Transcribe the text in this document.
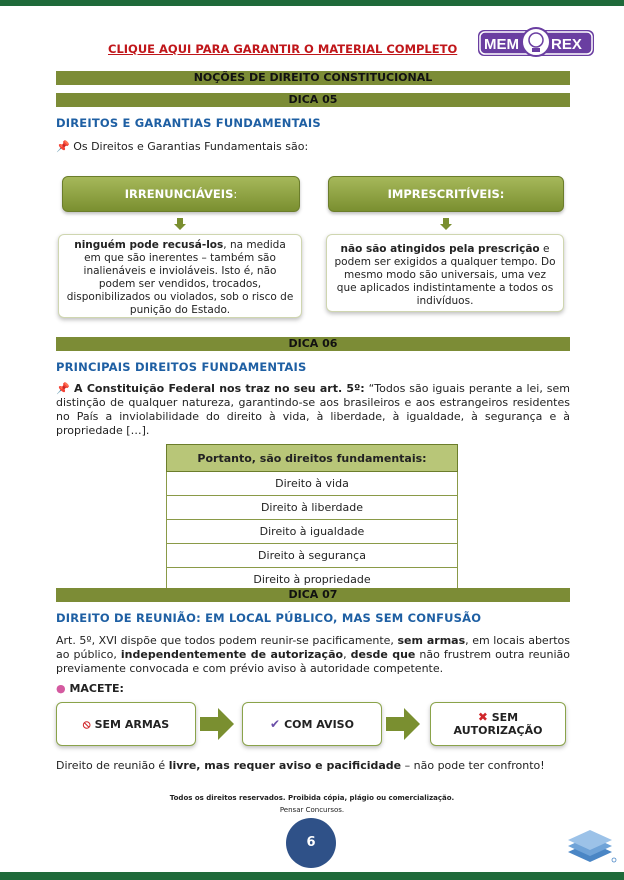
CLIQUE AQUI PARA GARANTIR O MATERIAL COMPLETO MEM REX
NOÇÕES DE DIREITO CONSTITUCIONAL
DICA 05
DIREITOS E GARANTIAS FUNDAMENTAIS
📌 Os Direitos e Garantias Fundamentais são:
IRRENUNCIÁVEIS:
ninguém pode recusá-los, na medida em que são inerentes – também são inalienáveis e invioláveis. Isto é, não podem ser vendidos, trocados, disponibilizados ou violados, sob o risco de punição do Estado.
IMPRESCRITÍVEIS:
não são atingidos pela prescrição e podem ser exigidos a qualquer tempo. Do mesmo modo são universais, uma vez que aplicados indistintamente a todos os indivíduos.
DICA 06
PRINCIPAIS DIREITOS FUNDAMENTAIS
📌 A Constituição Federal nos traz no seu art. 5º: “Todos são iguais perante a lei, sem distinção de qualquer natureza, garantindo-se aos brasileiros e aos estrangeiros residentes no País a inviolabilidade do direito à vida, à liberdade, à igualdade, à segurança e à propriedade […].
Portanto, são direitos fundamentais:
Direito à vida
Direito à liberdade
Direito à igualdade
Direito à segurança
Direito à propriedade
DICA 07
DIREITO DE REUNIÃO: EM LOCAL PÚBLICO, MAS SEM CONFUSÃO
Art. 5º, XVI dispõe que todos podem reunir-se pacificamente, sem armas, em locais abertos ao público, independentemente de autorização, desde que não frustrem outra reunião previamente convocada e com prévio aviso à autoridade competente.
● MACETE:
⦸ SEM ARMAS	✔ COM AVISO	✖ SEM AUTORIZAÇÃO
Direito de reunião é livre, mas requer aviso e pacificidade – não pode ter confronto!
Todos os direitos reservados. Proibida cópia, plágio ou comercialização.
Pensar Concursos.
6
